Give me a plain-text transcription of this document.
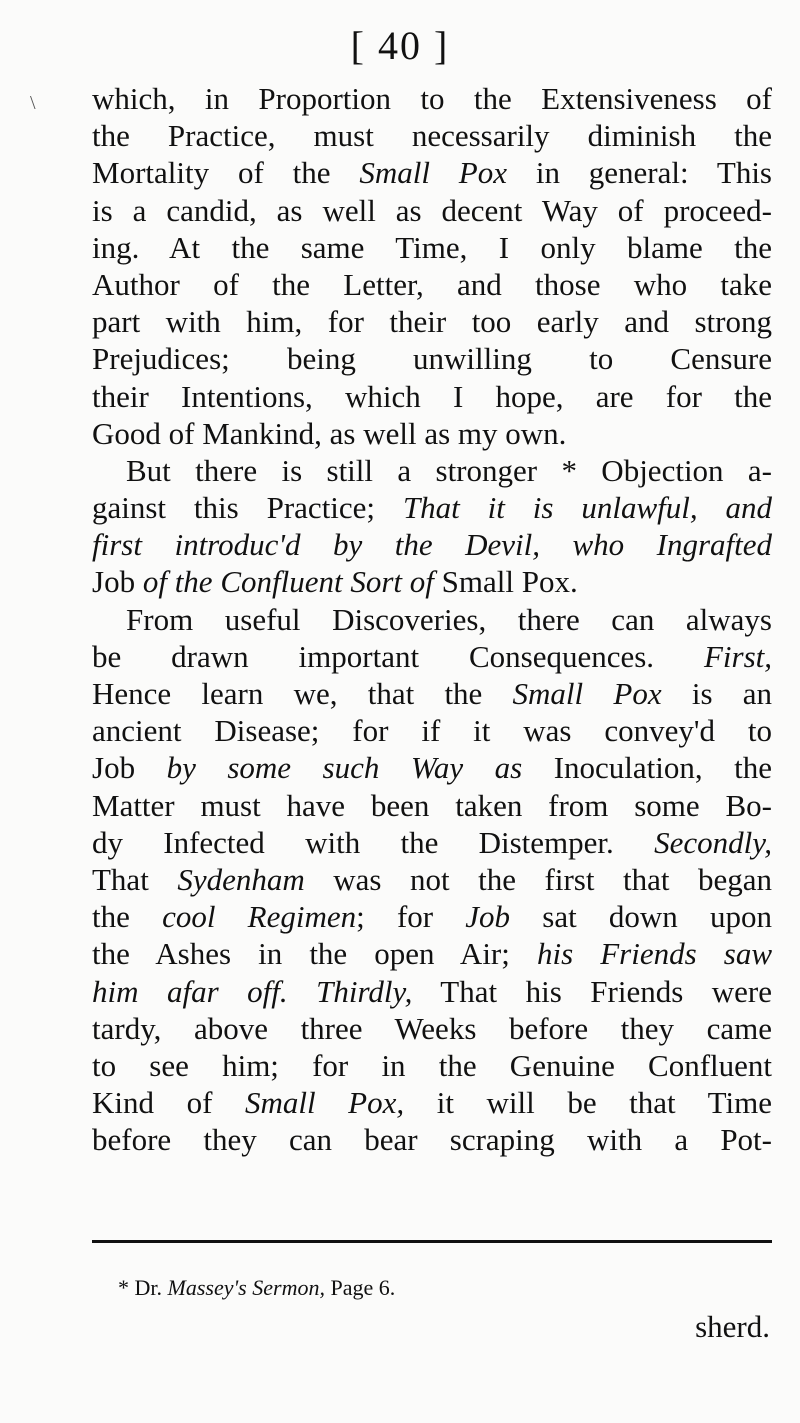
\
[ 40 ]
which, in Proportion to the Extensiveness of
the Practice, must necessarily diminish the
Mortality of the Small Pox in general: This
is a candid, as well as decent Way of proceed-
ing. At the same Time, I only blame the
Author of the Letter, and those who take
part with him, for their too early and strong
Prejudices; being unwilling to Censure
their Intentions, which I hope, are for the
Good of Mankind, as well as my own.
But there is still a stronger * Objection a-
gainst this Practice; That it is unlawful, and
first introduc'd by the Devil, who Ingrafted
Job of the Confluent Sort of Small Pox.
From useful Discoveries, there can always
be drawn important Consequences. First,
Hence learn we, that the Small Pox is an
ancient Disease; for if it was convey'd to
Job by some such Way as Inoculation, the
Matter must have been taken from some Bo-
dy Infected with the Distemper. Secondly,
That Sydenham was not the first that began
the cool Regimen; for Job sat down upon
the Ashes in the open Air; his Friends saw
him afar off. Thirdly, That his Friends were
tardy, above three Weeks before they came
to see him; for in the Genuine Confluent
Kind of Small Pox, it will be that Time
before they can bear scraping with a Pot-
* Dr. Massey's Sermon, Page 6.
sherd.
